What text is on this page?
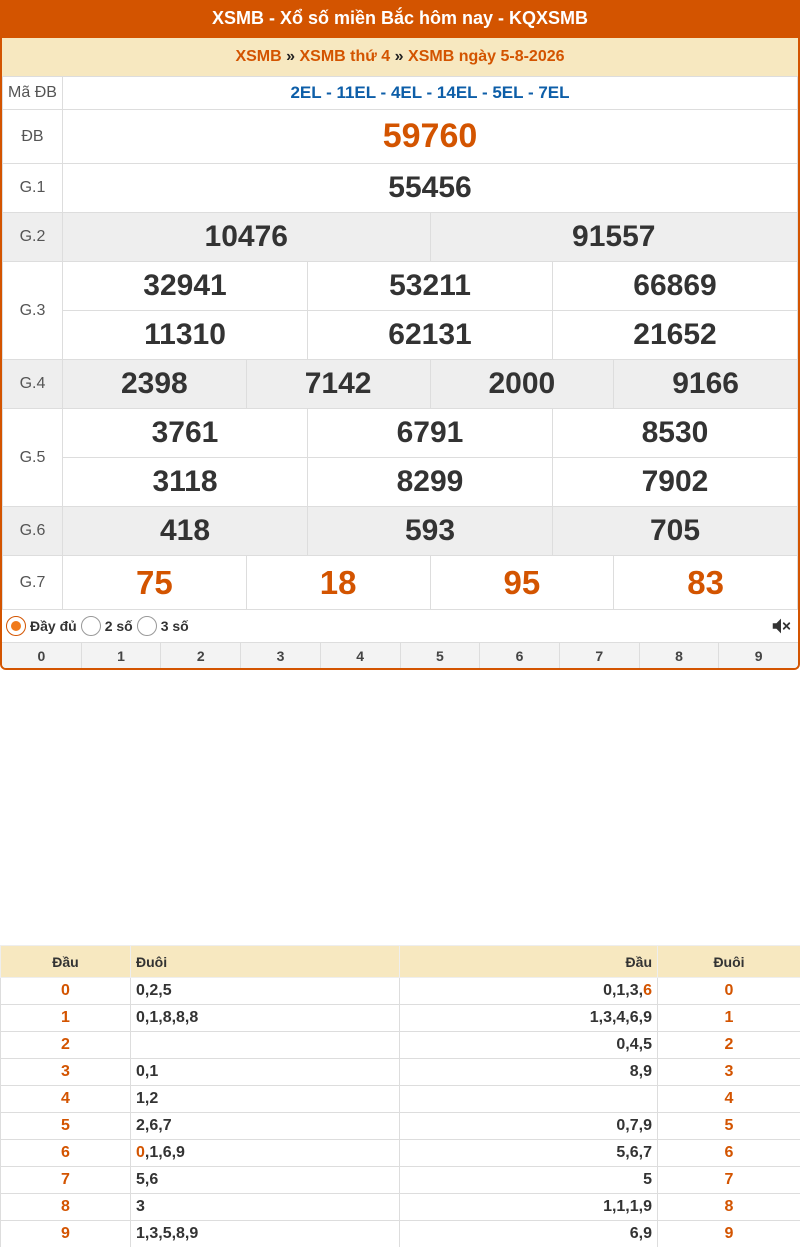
XSMB - Xổ số miền Bắc hôm nay - KQXSMB
XSMB » XSMB thứ 4 » XSMB ngày 5-8-2026
Mã ĐB	2EL - 11EL - 4EL - 14EL - 5EL - 7EL					
ĐB	59760					
G.1	55456					
G.2	10476			91557		
G.3	32941		53211		66869	
	11310		62131		21652	
G.4	2398	7142		2000		9166
G.5	3761		6791		8530	
	3118		8299		7902	
G.6	418		593		705	
G.7	75	18		95		83
Đầy đủ 2 số 3 số
0	1	2	3	4	5	6	7	8	9
Đầu	Đuôi	Đầu	Đuôi
0	0,2,5	0,1,3,6	0
1	0,1,8,8,8	1,3,4,6,9	1
2		0,4,5	2
3	0,1	8,9	3
4	1,2		4
5	2,6,7	0,7,9	5
6	0,1,6,9	5,6,7	6
7	5,6	5	7
8	3	1,1,1,9	8
9	1,3,5,8,9	6,9	9
